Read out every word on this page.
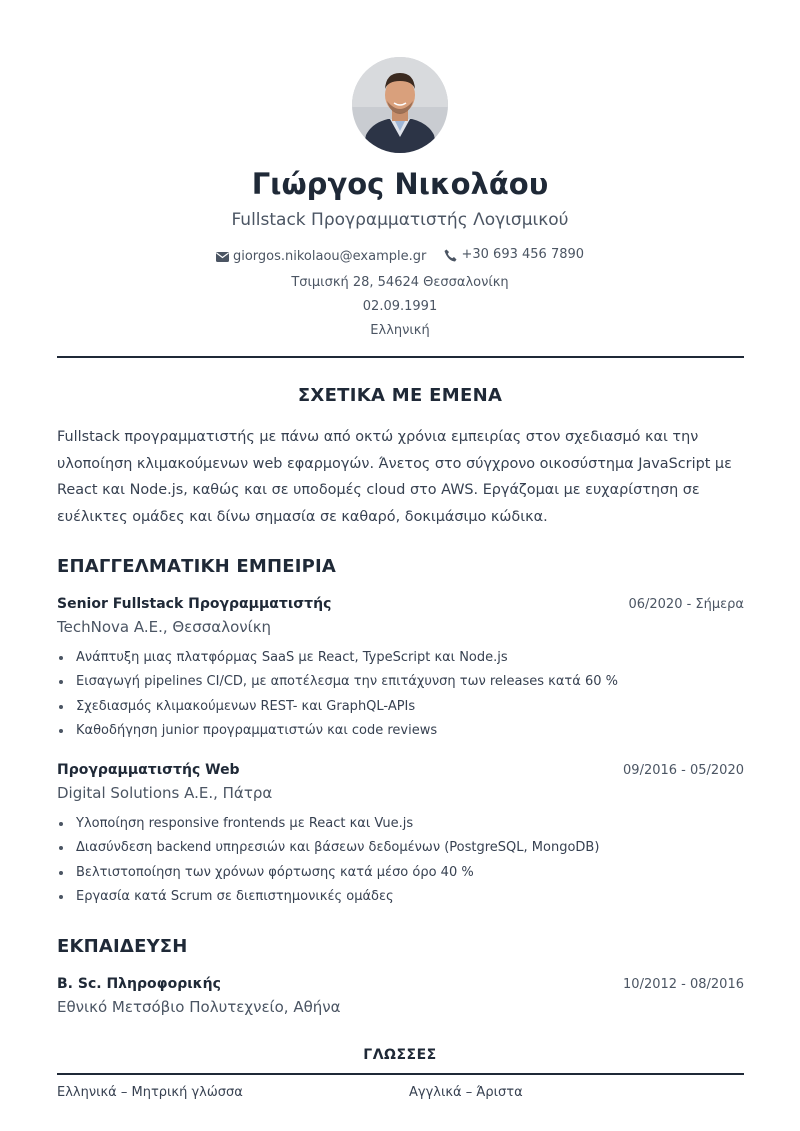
Γιώργος Νικολάου
Fullstack Προγραμματιστής Λογισμικού
giorgos.nikolaou@example.gr
	+30 693 456 7890
Τσιμισκή 28, 54624 Θεσσαλονίκη
02.09.1991
Ελληνική
ΣΧΕΤΙΚΑ ΜΕ ΕΜΕΝΑ
Fullstack προγραμματιστής με πάνω από οκτώ χρόνια εμπειρίας στον σχεδιασμό και την υλοποίηση κλιμακούμενων web εφαρμογών. Άνετος στο σύγχρονο οικοσύστημα JavaScript με React και Node.js, καθώς και σε υποδομές cloud στο AWS. Εργάζομαι με ευχαρίστηση σε ευέλικτες ομάδες και δίνω σημασία σε καθαρό, δοκιμάσιμο κώδικα.
ΕΠΑΓΓΕΛΜΑΤΙΚΗ ΕΜΠΕΙΡΙΑ
Senior Fullstack Προγραμματιστής	06/2020 - Σήμερα
TechNova A.E., Θεσσαλονίκη
Ανάπτυξη μιας πλατφόρμας SaaS με React, TypeScript και Node.js
Εισαγωγή pipelines CI/CD, με αποτέλεσμα την επιτάχυνση των releases κατά 60 %
Σχεδιασμός κλιμακούμενων REST- και GraphQL-APIs
Καθοδήγηση junior προγραμματιστών και code reviews
Προγραμματιστής Web	09/2016 - 05/2020
Digital Solutions A.E., Πάτρα
Υλοποίηση responsive frontends με React και Vue.js
Διασύνδεση backend υπηρεσιών και βάσεων δεδομένων (PostgreSQL, MongoDB)
Βελτιστοποίηση των χρόνων φόρτωσης κατά μέσο όρο 40 %
Εργασία κατά Scrum σε διεπιστημονικές ομάδες
ΕΚΠΑΙΔΕΥΣΗ
B. Sc. Πληροφορικής	10/2012 - 08/2016
Εθνικό Μετσόβιο Πολυτεχνείο, Αθήνα
ΓΛΩΣΣΕΣ
Ελληνικά – Μητρική γλώσσα	Αγγλικά – Άριστα
